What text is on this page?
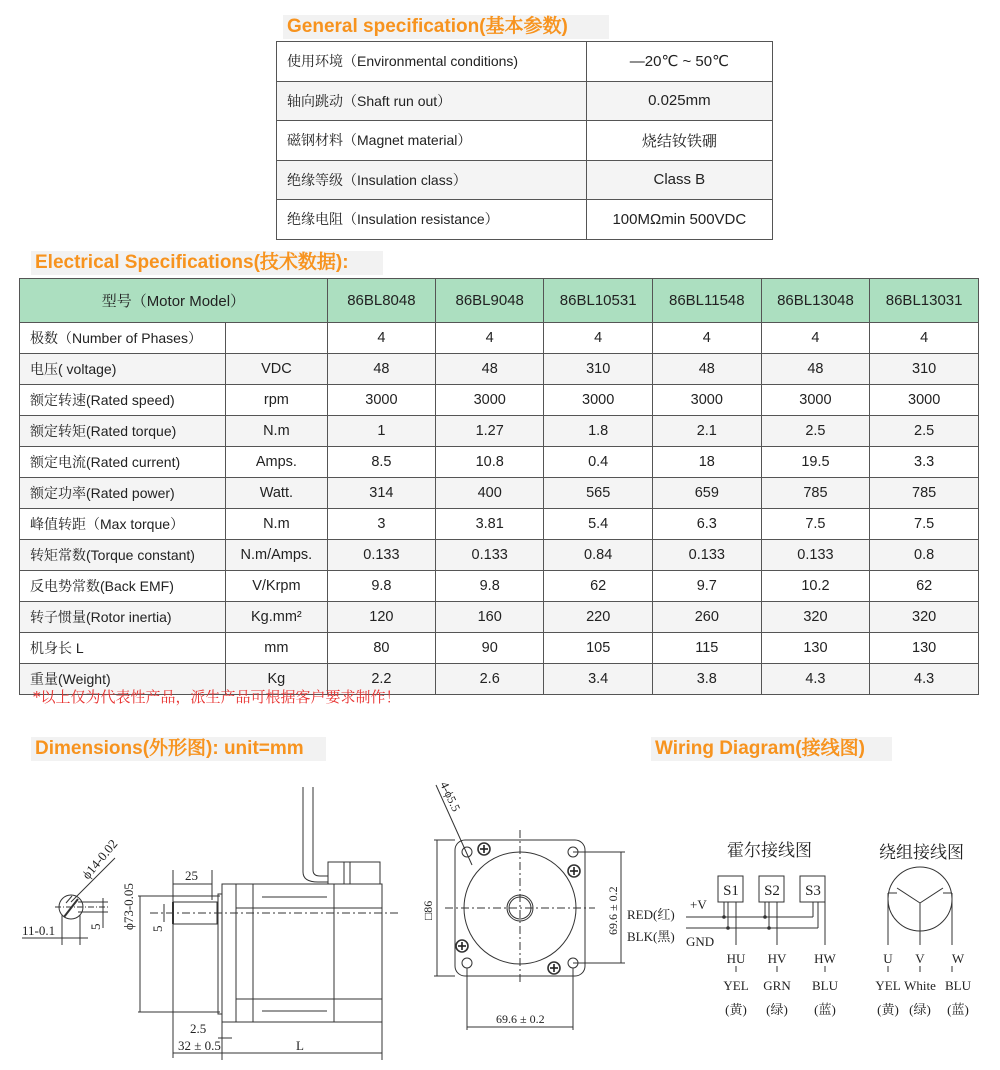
General specification(基本参数)
使用环境（Environmental conditions)	—20℃ ~ 50℃
轴向跳动（Shaft run out）	0.025mm
磁钢材料（Magnet material）	烧结钕铁硼
绝缘等级（Insulation class）	Class B
绝缘电阻（Insulation resistance）	100MΩmin 500VDC
Electrical Specifications(技术数据):
型号（Motor Model）		86BL8048	86BL9048	86BL10531	86BL11548	86BL13048	86BL13031
极数（Number of Phases）		4	4	4	4	4	4
电压( voltage)	VDC	48	48	310	48	48	310
额定转速(Rated speed)	rpm	3000	3000	3000	3000	3000	3000
额定转矩(Rated torque)	N.m	1	1.27	1.8	2.1	2.5	2.5
额定电流(Rated current)	Amps.	8.5	10.8	0.4	18	19.5	3.3
额定功率(Rated power)	Watt.	314	400	565	659	785	785
峰值转距（Max torque）	N.m	3	3.81	5.4	6.3	7.5	7.5
转矩常数(Torque constant)	N.m/Amps.	0.133	0.133	0.84	0.133	0.133	0.8
反电势常数(Back EMF)	V/Krpm	9.8	9.8	62	9.7	10.2	62
转子惯量(Rotor inertia)	Kg.mm²	120	160	220	260	320	320
机身长 L	mm	80	90	105	115	130	130
重量(Weight)	Kg	2.2	2.6	3.4	3.8	4.3	4.3
*以上仅为代表性产品，派生产品可根据客户要求制作！
Dimensions(外形图): unit=mm	Wiring Diagram(接线图)
ϕ14-0.02
11-0.1	5 ϕ73-0.05
25
5
2.5
32 ± 0.5	L
4-ϕ5.5
□86	69.6 ± 0.2
69.6 ± 0.2
霍尔接线图	绕组接线图
S1 S2 S3
RED(红)
BLK(黑)
+V
GND
HU
YEL
(黄)
HV
GRN
(绿)
HW
BLU
(蓝)
U
YEL
(黄)
V
White
(绿)
W
BLU
(蓝)
